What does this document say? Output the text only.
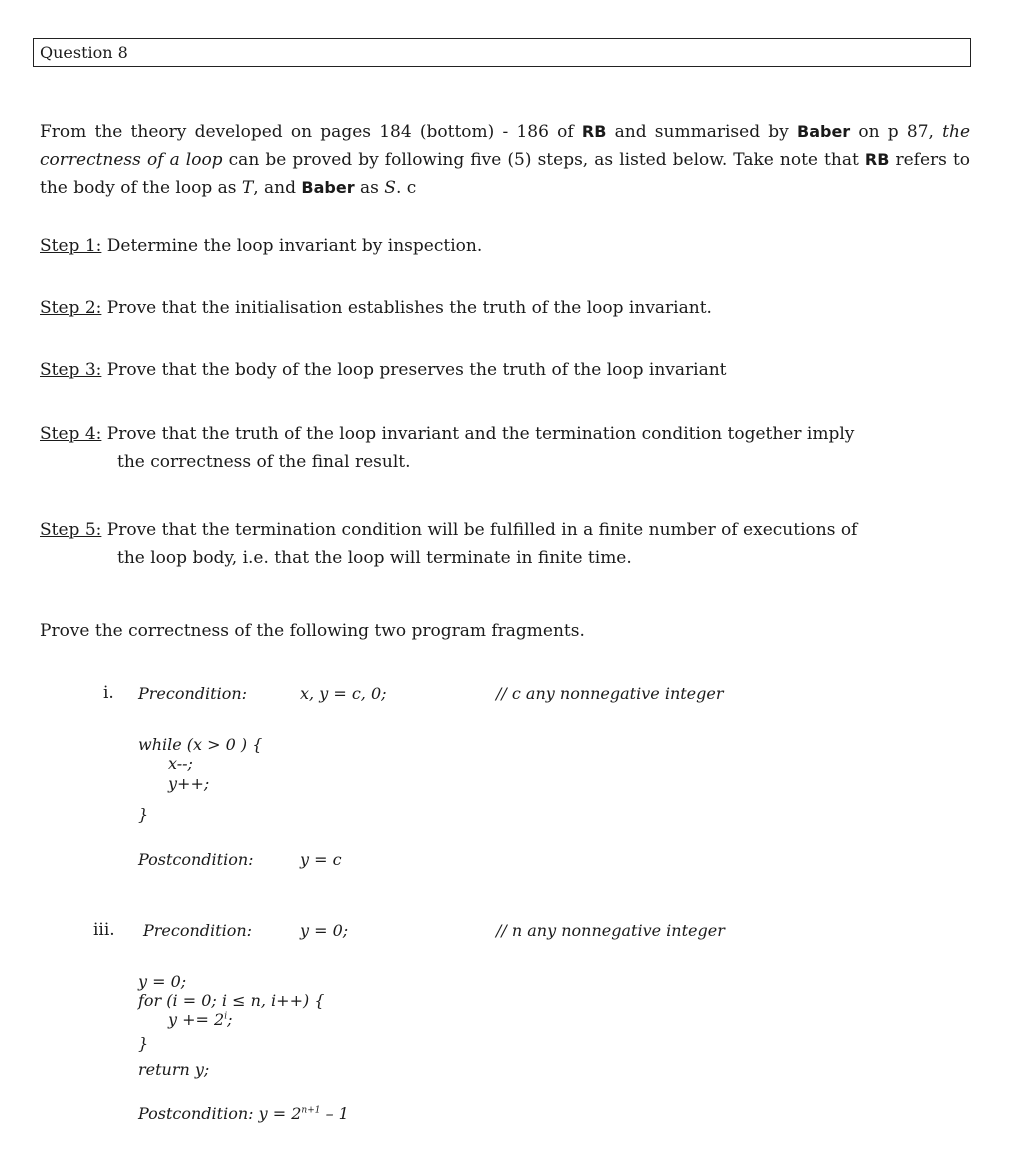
Question 8
From the theory developed on pages 184 (bottom) - 186 of RB and summarised by Baber on p 87, the correctness of a loop can be proved by following five (5) steps, as listed below. Take note that RB refers to the body of the loop as T, and Baber as S. c
Step 1: Determine the loop invariant by inspection.
Step 2: Prove that the initialisation establishes the truth of the loop invariant.
Step 3: Prove that the body of the loop preserves the truth of the loop invariant
Step 4: Prove that the truth of the loop invariant and the termination condition together imply
the correctness of the final result.
Step 5: Prove that the termination condition will be fulfilled in a finite number of executions of
the loop body, i.e. that the loop will terminate in finite time.
Prove the correctness of the following two program fragments.
i. Precondition:	x, y = c, 0;	// c any nonnegative integer
while (x > 0 ) {
x--;
y++;
}
Postcondition:	y = c
iii. Precondition:	y = 0;	// n any nonnegative integer
y = 0;
for (i = 0; i ≤ n, i++) {
$y += 2^i$;
}
return y;
Postcondition: $y = 2^{n+1} - 1$
